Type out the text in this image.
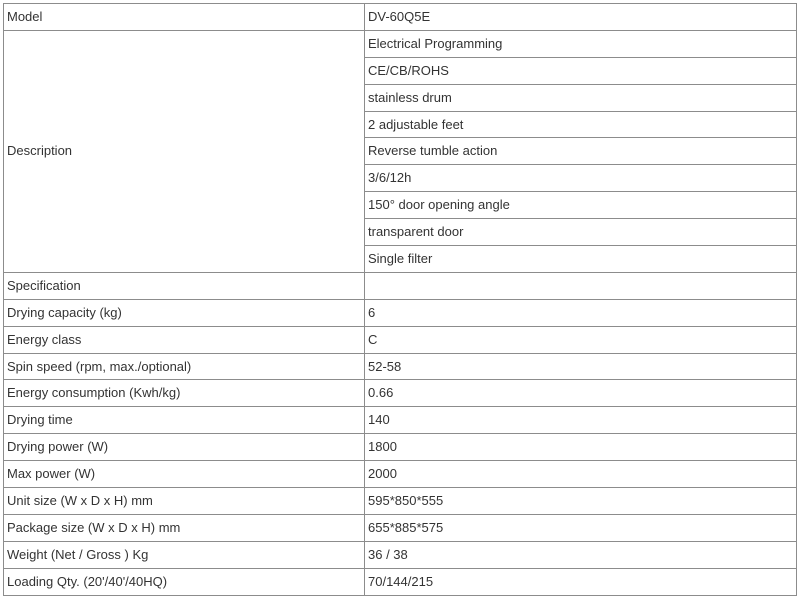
Model	DV-60Q5E
Description	Electrical Programming
	CE/CB/ROHS
	stainless drum
	2 adjustable feet
	Reverse tumble action
	3/6/12h
	150° door opening angle
	transparent door
	Single filter
Specification	
Drying capacity (kg)	6
Energy class	C
Spin speed (rpm, max./optional)	52-58
Energy consumption (Kwh/kg)	0.66
Drying time	140
Drying power (W)	1800
Max power (W)	2000
Unit size (W x D x H) mm	595*850*555
Package size (W x D x H) mm	655*885*575
Weight (Net / Gross ) Kg	36 / 38
Loading Qty. (20'/40'/40HQ)	70/144/215
